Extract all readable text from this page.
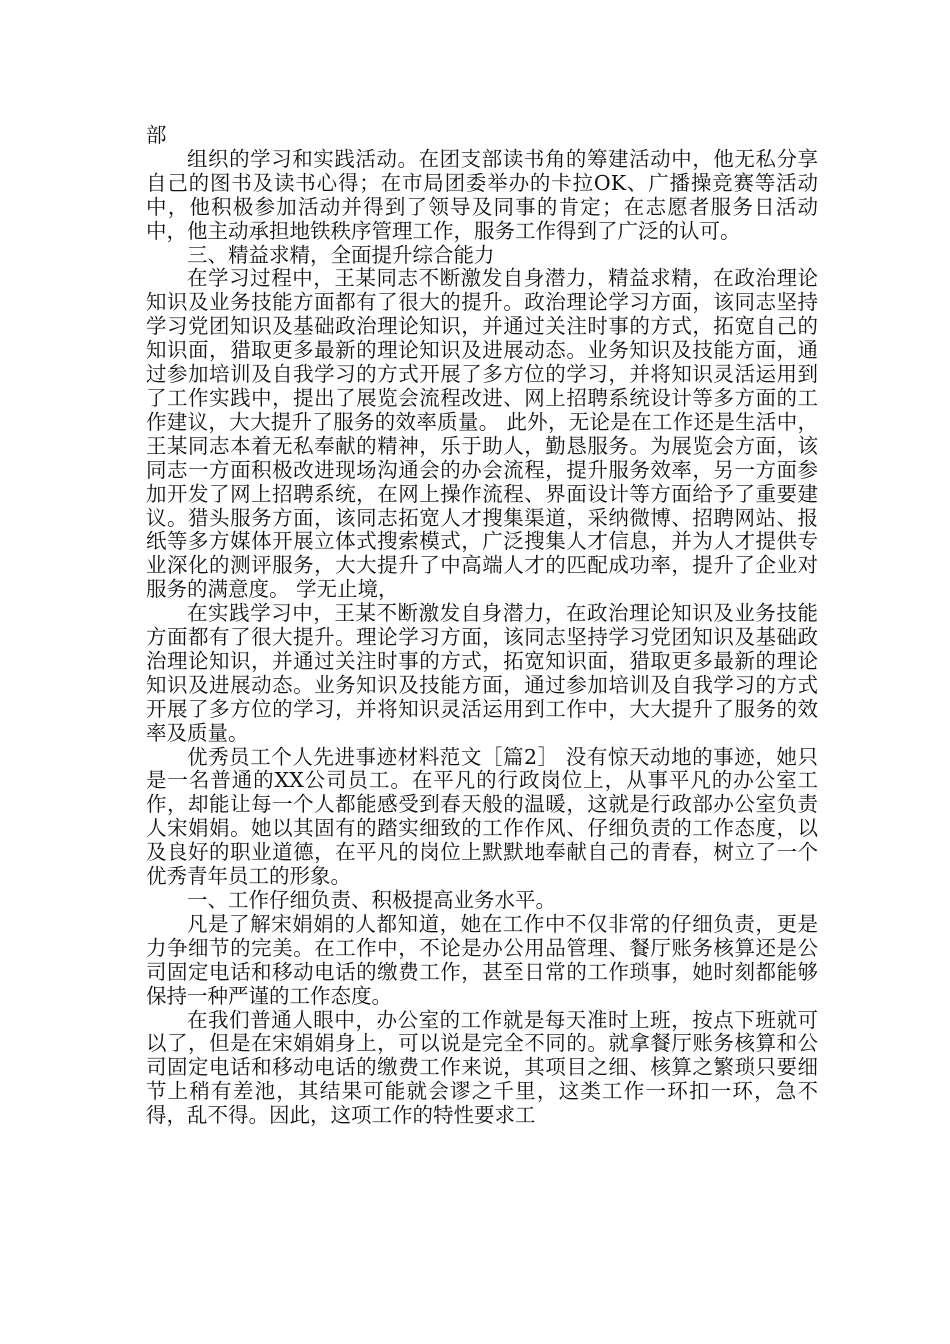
部

组织的学习和实践活动。在团支部读书角的筹建活动中，他无私分享自己的图书及读书心得；在市局团委举办的卡拉OK、广播操竞赛等活动中，他积极参加活动并得到了领导及同事的肯定；在志愿者服务日活动中，他主动承担地铁秩序管理工作，服务工作得到了广泛的认可。

三、精益求精，全面提升综合能力

在学习过程中，王某同志不断激发自身潜力，精益求精，在政治理论知识及业务技能方面都有了很大的提升。政治理论学习方面，该同志坚持学习党团知识及基础政治理论知识，并通过关注时事的方式，拓宽自己的知识面，猎取更多最新的理论知识及进展动态。业务知识及技能方面，通过参加培训及自我学习的方式开展了多方位的学习，并将知识灵活运用到了工作实践中，提出了展览会流程改进、网上招聘系统设计等多方面的工作建议，大大提升了服务的效率质量。 此外，无论是在工作还是生活中，王某同志本着无私奉献的精神，乐于助人，勤恳服务。为展览会方面，该同志一方面积极改进现场沟通会的办会流程，提升服务效率，另一方面参加开发了网上招聘系统，在网上操作流程、界面设计等方面给予了重要建议。猎头服务方面，该同志拓宽人才搜集渠道，采纳微博、招聘网站、报纸等多方媒体开展立体式搜索模式，广泛搜集人才信息，并为人才提供专业深化的测评服务，大大提升了中高端人才的匹配成功率，提升了企业对服务的满意度。 学无止境，

在实践学习中，王某不断激发自身潜力，在政治理论知识及业务技能方面都有了很大提升。理论学习方面，该同志坚持学习党团知识及基础政治理论知识，并通过关注时事的方式，拓宽知识面，猎取更多最新的理论知识及进展动态。业务知识及技能方面，通过参加培训及自我学习的方式开展了多方位的学习，并将知识灵活运用到工作中，大大提升了服务的效率及质量。

优秀员工个人先进事迹材料范文［篇2］ 没有惊天动地的事迹，她只是一名普通的XX公司员工。在平凡的行政岗位上，从事平凡的办公室工作，却能让每一个人都能感受到春天般的温暖，这就是行政部办公室负责人宋娟娟。她以其固有的踏实细致的工作作风、仔细负责的工作态度，以及良好的职业道德，在平凡的岗位上默默地奉献自己的青春，树立了一个优秀青年员工的形象。

一、工作仔细负责、积极提高业务水平。

凡是了解宋娟娟的人都知道，她在工作中不仅非常的仔细负责，更是力争细节的完美。在工作中，不论是办公用品管理、餐厅账务核算还是公司固定电话和移动电话的缴费工作，甚至日常的工作琐事，她时刻都能够保持一种严谨的工作态度。

在我们普通人眼中，办公室的工作就是每天准时上班，按点下班就可以了，但是在宋娟娟身上，可以说是完全不同的。就拿餐厅账务核算和公司固定电话和移动电话的缴费工作来说，其项目之细、核算之繁琐只要细节上稍有差池，其结果可能就会谬之千里，这类工作一环扣一环，急不得，乱不得。因此，这项工作的特性要求工
